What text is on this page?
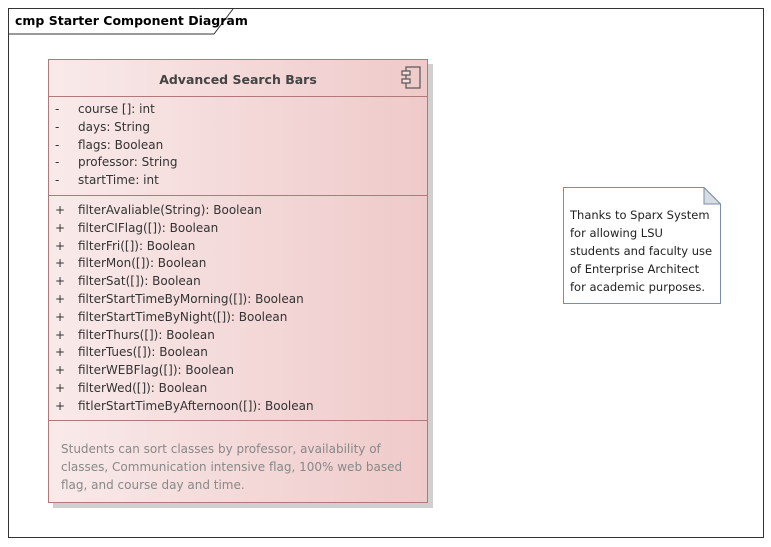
cmp Starter Component Diagram
Advanced Search Bars
-	course []: int
-	days: String
-	flags: Boolean
-	professor: String
-	startTime: int
+ filterAvaliable(String): Boolean
+ filterCIFlag([]): Boolean
+ filterFri([]): Boolean
+ filterMon([]): Boolean
+ filterSat([]): Boolean
+ filterStartTimeByMorning([]): Boolean
+ filterStartTimeByNight([]): Boolean
+ filterThurs([]): Boolean
+ filterTues([]): Boolean
+ filterWEBFlag([]): Boolean
+ filterWed([]): Boolean
+ fitlerStartTimeByAfternoon([]): Boolean
Students can sort classes by professor, availability of classes, Communication intensive flag, 100% web based flag, and course day and time.
Thanks to Sparx System for allowing LSU students and faculty use of Enterprise Architect for academic purposes.
